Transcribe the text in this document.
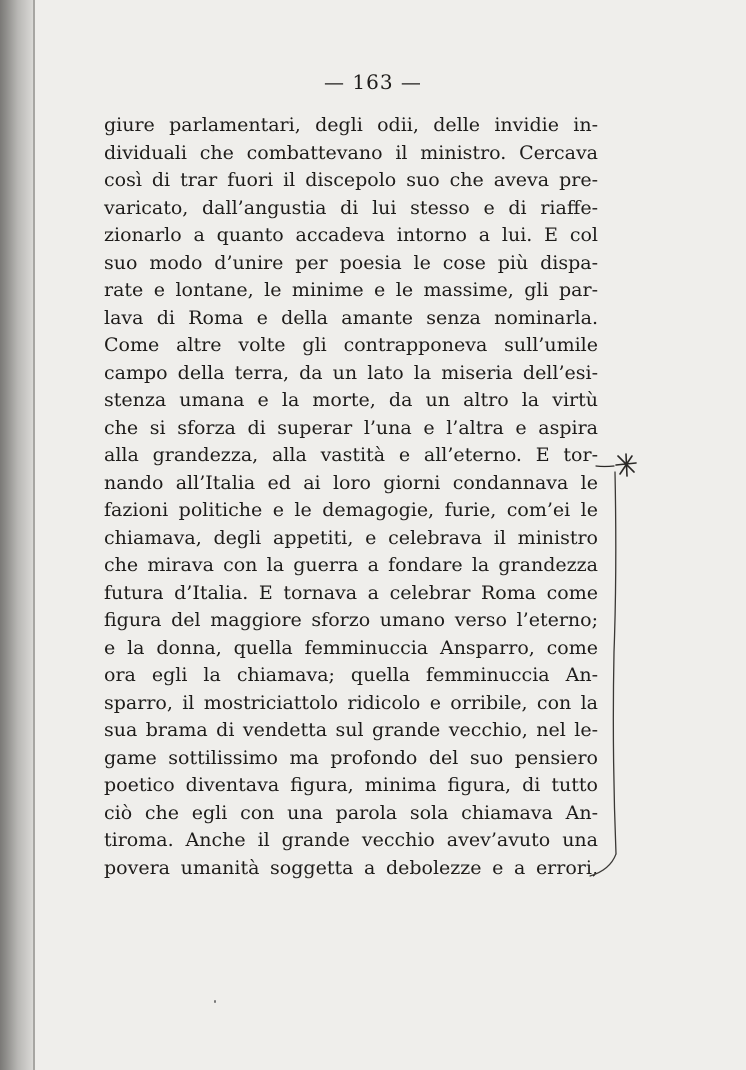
— 163 —
giure parlamentari, degli odii, delle invidie in-
dividuali che combattevano il ministro. Cercava
così di trar fuori il discepolo suo che aveva pre-
varicato, dall’angustia di lui stesso e di riaffe-
zionarlo a quanto accadeva intorno a lui. E col
suo modo d’unire per poesia le cose più dispa-
rate e lontane, le minime e le massime, gli par-
lava di Roma e della amante senza nominarla.
Come altre volte gli contrapponeva sull’umile
campo della terra, da un lato la miseria dell’esi-
stenza umana e la morte, da un altro la virtù
che si sforza di superar l’una e l’altra e aspira
alla grandezza, alla vastità e all’eterno. E tor-
nando all’Italia ed ai loro giorni condannava le
fazioni politiche e le demagogie, furie, com’ei le
chiamava, degli appetiti, e celebrava il ministro
che mirava con la guerra a fondare la grandezza
futura d’Italia. E tornava a celebrar Roma come
figura del maggiore sforzo umano verso l’eterno;
e la donna, quella femminuccia Ansparro, come
ora egli la chiamava; quella femminuccia An-
sparro, il mostriciattolo ridicolo e orribile, con la
sua brama di vendetta sul grande vecchio, nel le-
game sottilissimo ma profondo del suo pensiero
poetico diventava figura, minima figura, di tutto
ciò che egli con una parola sola chiamava An-
tiroma. Anche il grande vecchio avev’avuto una
povera umanità soggetta a debolezze e a errori,
